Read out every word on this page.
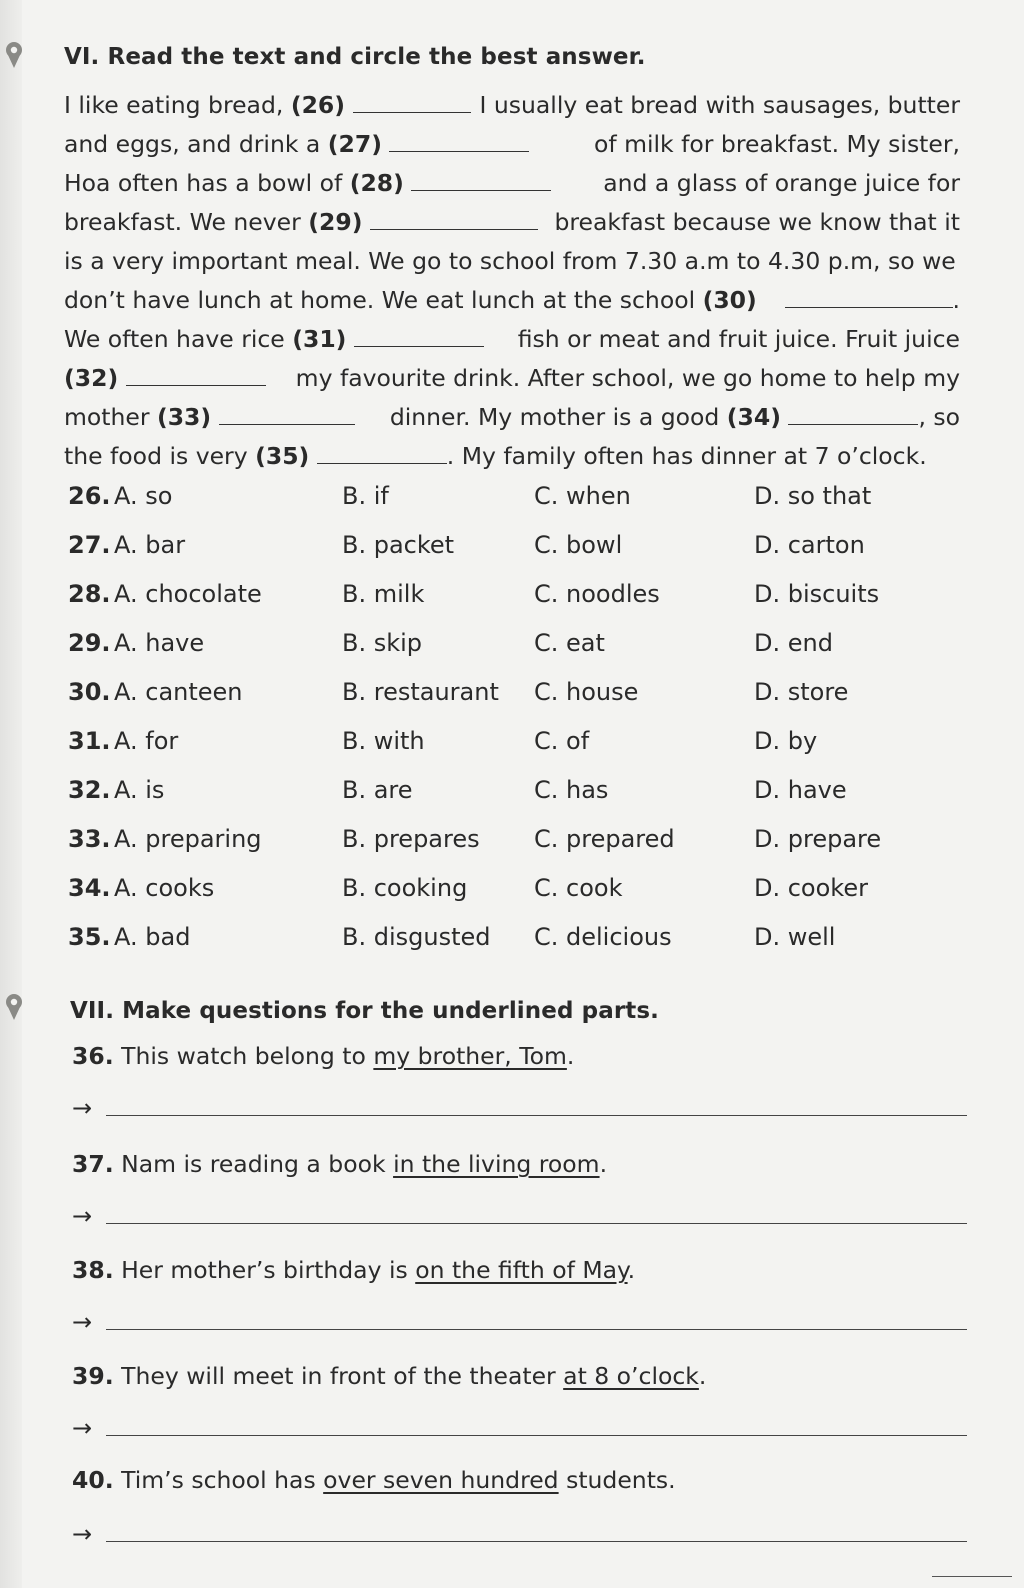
VI. Read the text and circle the best answer.
I like eating bread, (26)	I usually eat bread with sausages, butter
and eggs, and drink a (27)	of milk for breakfast. My sister,
Hoa often has a bowl of (28)	and a glass of orange juice for
breakfast. We never (29)	breakfast because we know that it
is a very important meal. We go to school from 7.30 a.m to 4.30 p.m, so we
don’t have lunch at home. We eat lunch at the school (30)	.
We often have rice (31)	fish or meat and fruit juice. Fruit juice
(32)	my favourite drink. After school, we go home to help my
mother (33)	dinner. My mother is a good (34)	, so
the food is very (35)	. My family often has dinner at 7 o’clock.
26. A. so	B. if	C. when	D. so that
27. A. bar	B. packet	C. bowl	D. carton
28. A. chocolate	B. milk	C. noodles	D. biscuits
29. A. have	B. skip	C. eat	D. end
30. A. canteen	B. restaurant C. house	D. store
31. A. for	B. with	C. of	D. by
32. A. is	B. are	C. has	D. have
33. A. preparing	B. prepares C. prepared	D. prepare
34. A. cooks	B. cooking	C. cook	D. cooker
35. A. bad	B. disgusted C. delicious	D. well
VII. Make questions for the underlined parts.
36. This watch belong to my brother, Tom.
→
37. Nam is reading a book in the living room.
→
38. Her mother’s birthday is on the fifth of May.
→
39. They will meet in front of the theater at 8 o’clock.
→
40. Tim’s school has over seven hundred students.
→
